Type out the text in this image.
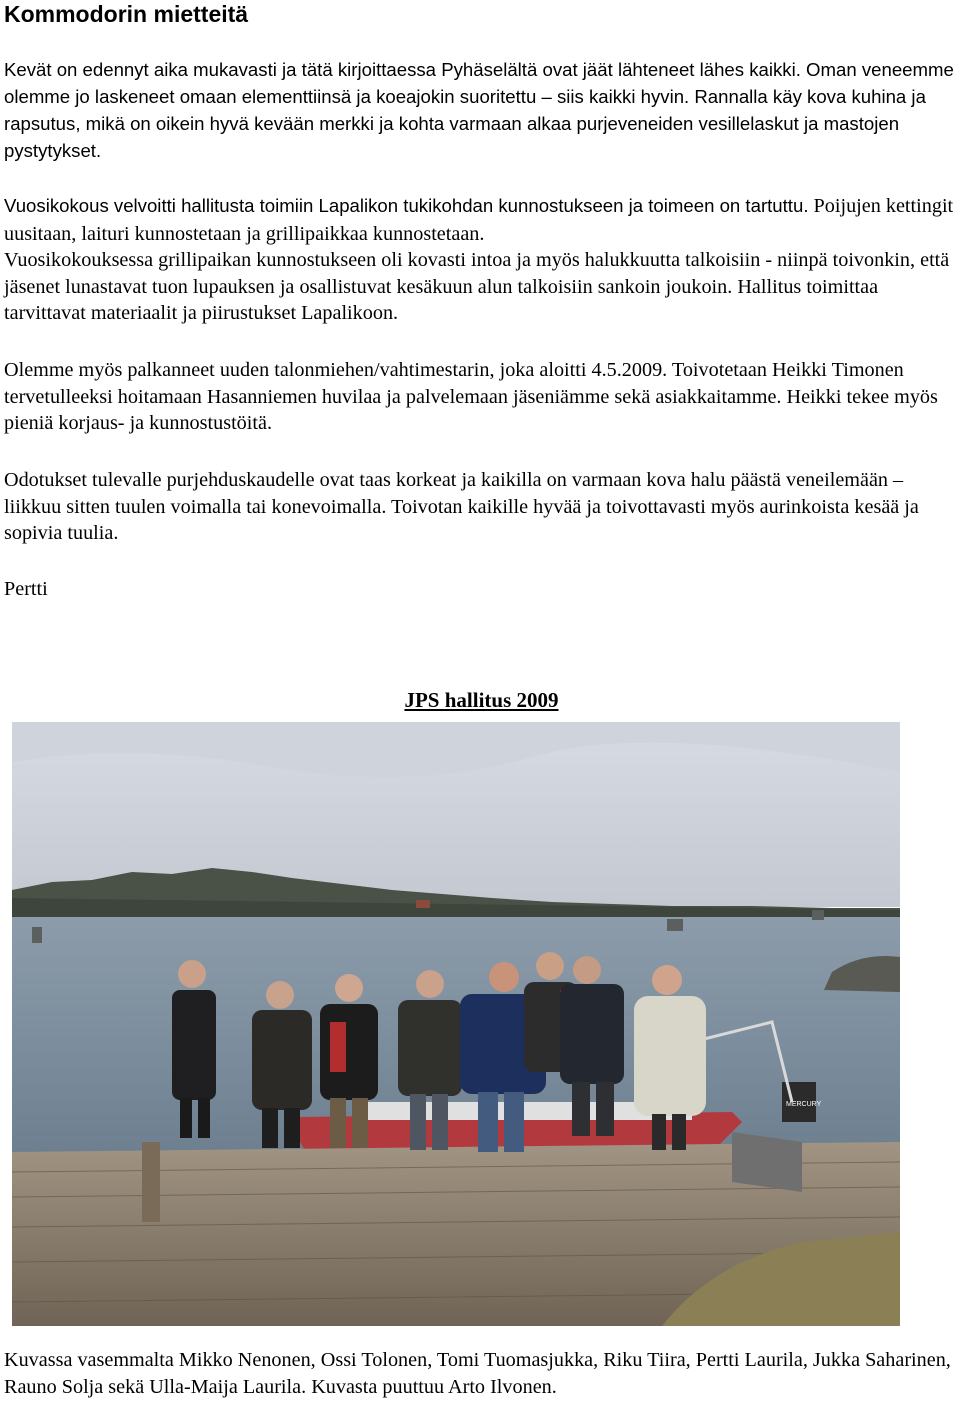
Kommodorin mietteitä

Kevät on edennyt aika mukavasti ja tätä kirjoittaessa Pyhäselältä ovat jäät lähteneet lähes kaikki. Oman veneemme olemme jo laskeneet omaan elementtiinsä ja koeajokin suoritettu – siis kaikki hyvin. Rannalla käy kova kuhina ja rapsutus, mikä on oikein hyvä kevään merkki ja kohta varmaan alkaa purjeveneiden vesillelaskut ja mastojen pystytykset.

Vuosikokous velvoitti hallitusta toimiin Lapalikon tukikohdan kunnostukseen ja toimeen on tartuttu. Poijujen kettingit uusitaan, laituri kunnostetaan ja grillipaikkaa kunnostetaan.

Vuosikokouksessa grillipaikan kunnostukseen oli kovasti intoa ja myös halukkuutta talkoisiin - niinpä toivonkin, että jäsenet lunastavat tuon lupauksen ja osallistuvat kesäkuun alun talkoisiin sankoin joukoin. Hallitus toimittaa tarvittavat materiaalit ja piirustukset Lapalikoon.

Olemme myös palkanneet uuden talonmiehen/vahtimestarin, joka aloitti 4.5.2009. Toivotetaan Heikki Timonen tervetulleeksi hoitamaan Hasanniemen huvilaa ja palvelemaan jäseniämme sekä asiakkaitamme. Heikki tekee myös pieniä korjaus- ja kunnostustöitä.

Odotukset tulevalle purjehduskaudelle ovat taas korkeat ja kaikilla on varmaan kova halu päästä veneilemään – liikkuu sitten tuulen voimalla tai konevoimalla. Toivotan kaikille hyvää ja toivottavasti myös aurinkoista kesää ja sopivia tuulia.

Pertti

JPS hallitus 2009
MERCURY

Kuvassa vasemmalta Mikko Nenonen, Ossi Tolonen, Tomi Tuomasjukka, Riku Tiira, Pertti Laurila, Jukka Saharinen, Rauno Solja sekä Ulla-Maija Laurila. Kuvasta puuttuu Arto Ilvonen.
